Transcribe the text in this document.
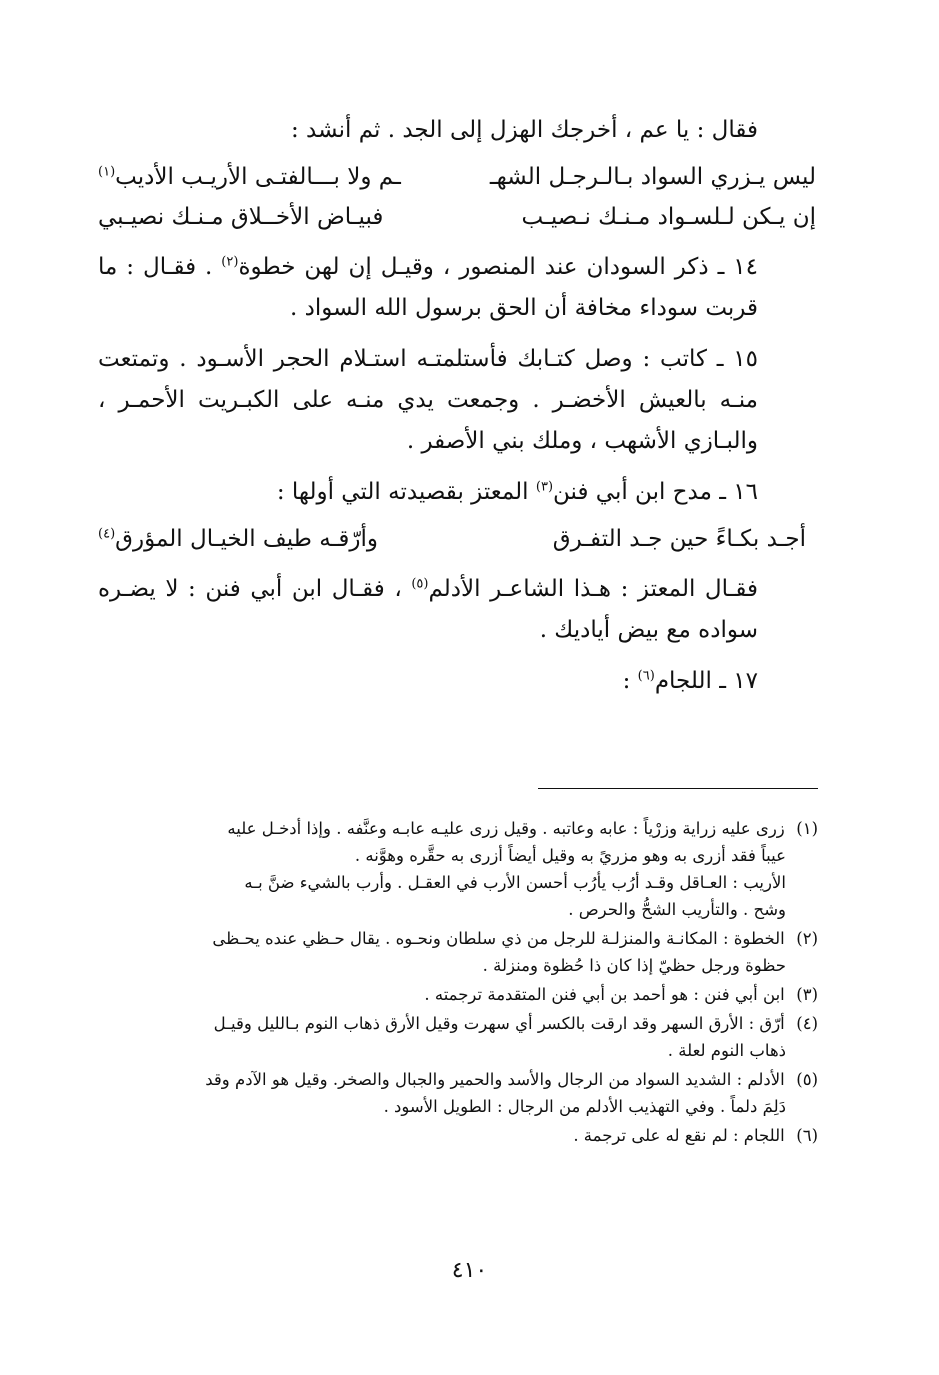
فقال : يا عم ، أخرجك الهزل إلى الجد . ثم أنشد :

ليس يـزري السواد بـالـرجـل الشهـ
ـم ولا بـــالفتـى الأريـب الأديب$^{(١)}$
إن يـكن لـلسـواد مـنـك نـصيـب
فبيـاض الأخــلاق مـنـك نصيـبي

١٤ ـ ذكر السودان عند المنصور ، وقيـل إن لهن خطوة$^{(٢)}$ . فقـال : ما قربت سوداء مخافة أن الحق برسول الله السواد .

١٥ ـ كاتب : وصل كتـابك فأستلمتـه استـلام الحجر الأسـود . وتمتعت منـه بالعيش الأخضـر . وجمعت يدي منـه على الكبـريت الأحمـر ، والبـازي الأشهب ، وملك بني الأصفر .

١٦ ـ مدح ابن أبي فنن$^{(٣)}$ المعتز بقصيدته التي أولها :

أجـد بكـاءً حين جـد التفـرق
وأرّقـه طيف الخيـال المؤرق$^{(٤)}$

فقـال المعتز : هـذا الشاعـر الأدلم$^{(٥)}$ ، فقـال ابن أبي فنن : لا يضـره سواده مع بيض أياديك .

١٧ ـ اللجام$^{(٦)}$ :

(١) زرى عليه زراية وزرْياً : عابه وعاتبه . وقيل زرى عليـه عابـه وعنَّفه . وإذا أدخـل عليه
عيباً فقد أزرى به وهو مزريً به وقيل أيضاً أزرى به حقَّره وهوَّنه .
الأريب : العـاقل وقـد أرُب يأرُب أحسن الأرب في العقـل . وأرب بالشيء ضنَّ بـه
وشح . والتأريب الشحُّ والحرص .
(٢) الخطوة : المكانـة والمنزلـة للرجل من ذي سلطان ونحـوه . يقال حـظي عنده يحـظى
حظوة ورجل حظيّ إذا كان ذا حُظوة ومنزلة .
(٣) ابن أبي فنن : هو أحمد بن أبي فنن المتقدمة ترجمته .
(٤) أرّق : الأرق السهر وقد ارقت بالكسر أي سهرت وقيل الأرق ذهاب النوم بـالليل وقيـل
ذهاب النوم لعلة .
(٥) الأدلم : الشديد السواد من الرجال والأسد والحمير والجبال والصخر. وقيل هو الآدم وقد
دَلِمَ دلماً . وفي التهذيب الأدلم من الرجال : الطويل الأسود .
(٦) اللجام : لم نقع له على ترجمة .
٤١٠
